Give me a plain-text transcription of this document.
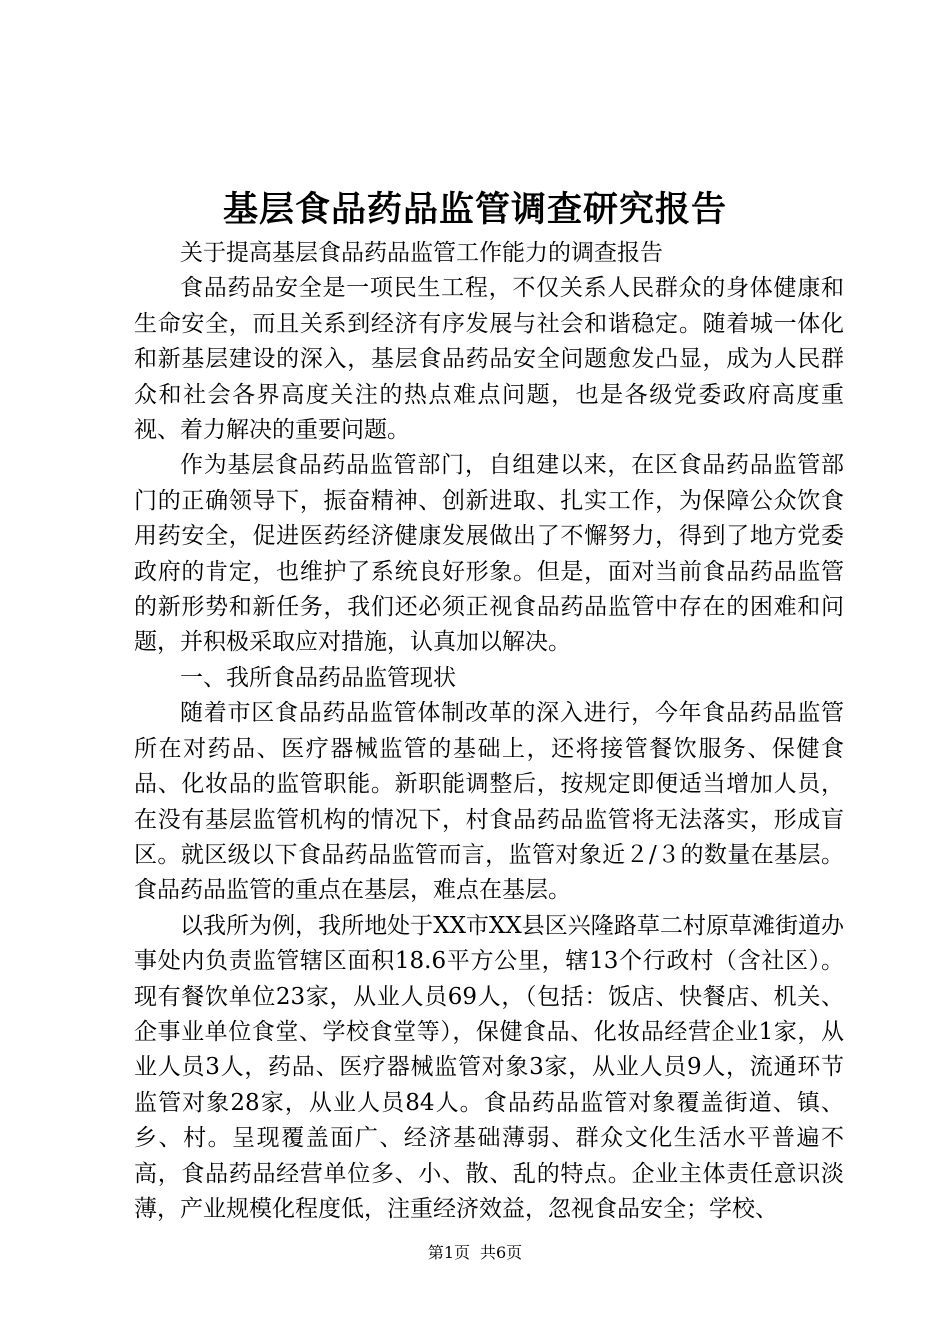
基层食品药品监管调查研究报告

关于提高基层食品药品监管工作能力的调查报告

食品药品安全是一项民生工程，不仅关系人民群众的身体健康和生命安全，而且关系到经济有序发展与社会和谐稳定。随着城一体化和新基层建设的深入，基层食品药品安全问题愈发凸显，成为人民群众和社会各界高度关注的热点难点问题，也是各级党委政府高度重视、着力解决的重要问题。

作为基层食品药品监管部门，自组建以来，在区食品药品监管部门的正确领导下，振奋精神、创新进取、扎实工作，为保障公众饮食用药安全，促进医药经济健康发展做出了不懈努力，得到了地方党委政府的肯定，也维护了系统良好形象。但是，面对当前食品药品监管的新形势和新任务，我们还必须正视食品药品监管中存在的困难和问题，并积极采取应对措施，认真加以解决。

一、我所食品药品监管现状

随着市区食品药品监管体制改革的深入进行，今年食品药品监管所在对药品、医疗器械监管的基础上，还将接管餐饮服务、保健食品、化妆品的监管职能。新职能调整后，按规定即便适当增加人员，在没有基层监管机构的情况下，村食品药品监管将无法落实，形成盲区。就区级以下食品药品监管而言，监管对象近２/３的数量在基层。食品药品监管的重点在基层，难点在基层。

以我所为例，我所地处于XX市XX县区兴隆路草二村原草滩街道办事处内负责监管辖区面积18.6平方公里，辖13个行政村（含社区）。现有餐饮单位23家，从业人员69人，（包括：饭店、快餐店、机关、企事业单位食堂、学校食堂等），保健食品、化妆品经营企业1家，从业人员3人，药品、医疗器械监管对象3家，从业人员9人，流通环节监管对象28家，从业人员84人。食品药品监管对象覆盖街道、镇、乡、村。呈现覆盖面广、经济基础薄弱、群众文化生活水平普遍不高，食品药品经营单位多、小、散、乱的特点。企业主体责任意识淡薄，产业规模化程度低，注重经济效益，忽视食品安全；学校、

第1页 共6页
